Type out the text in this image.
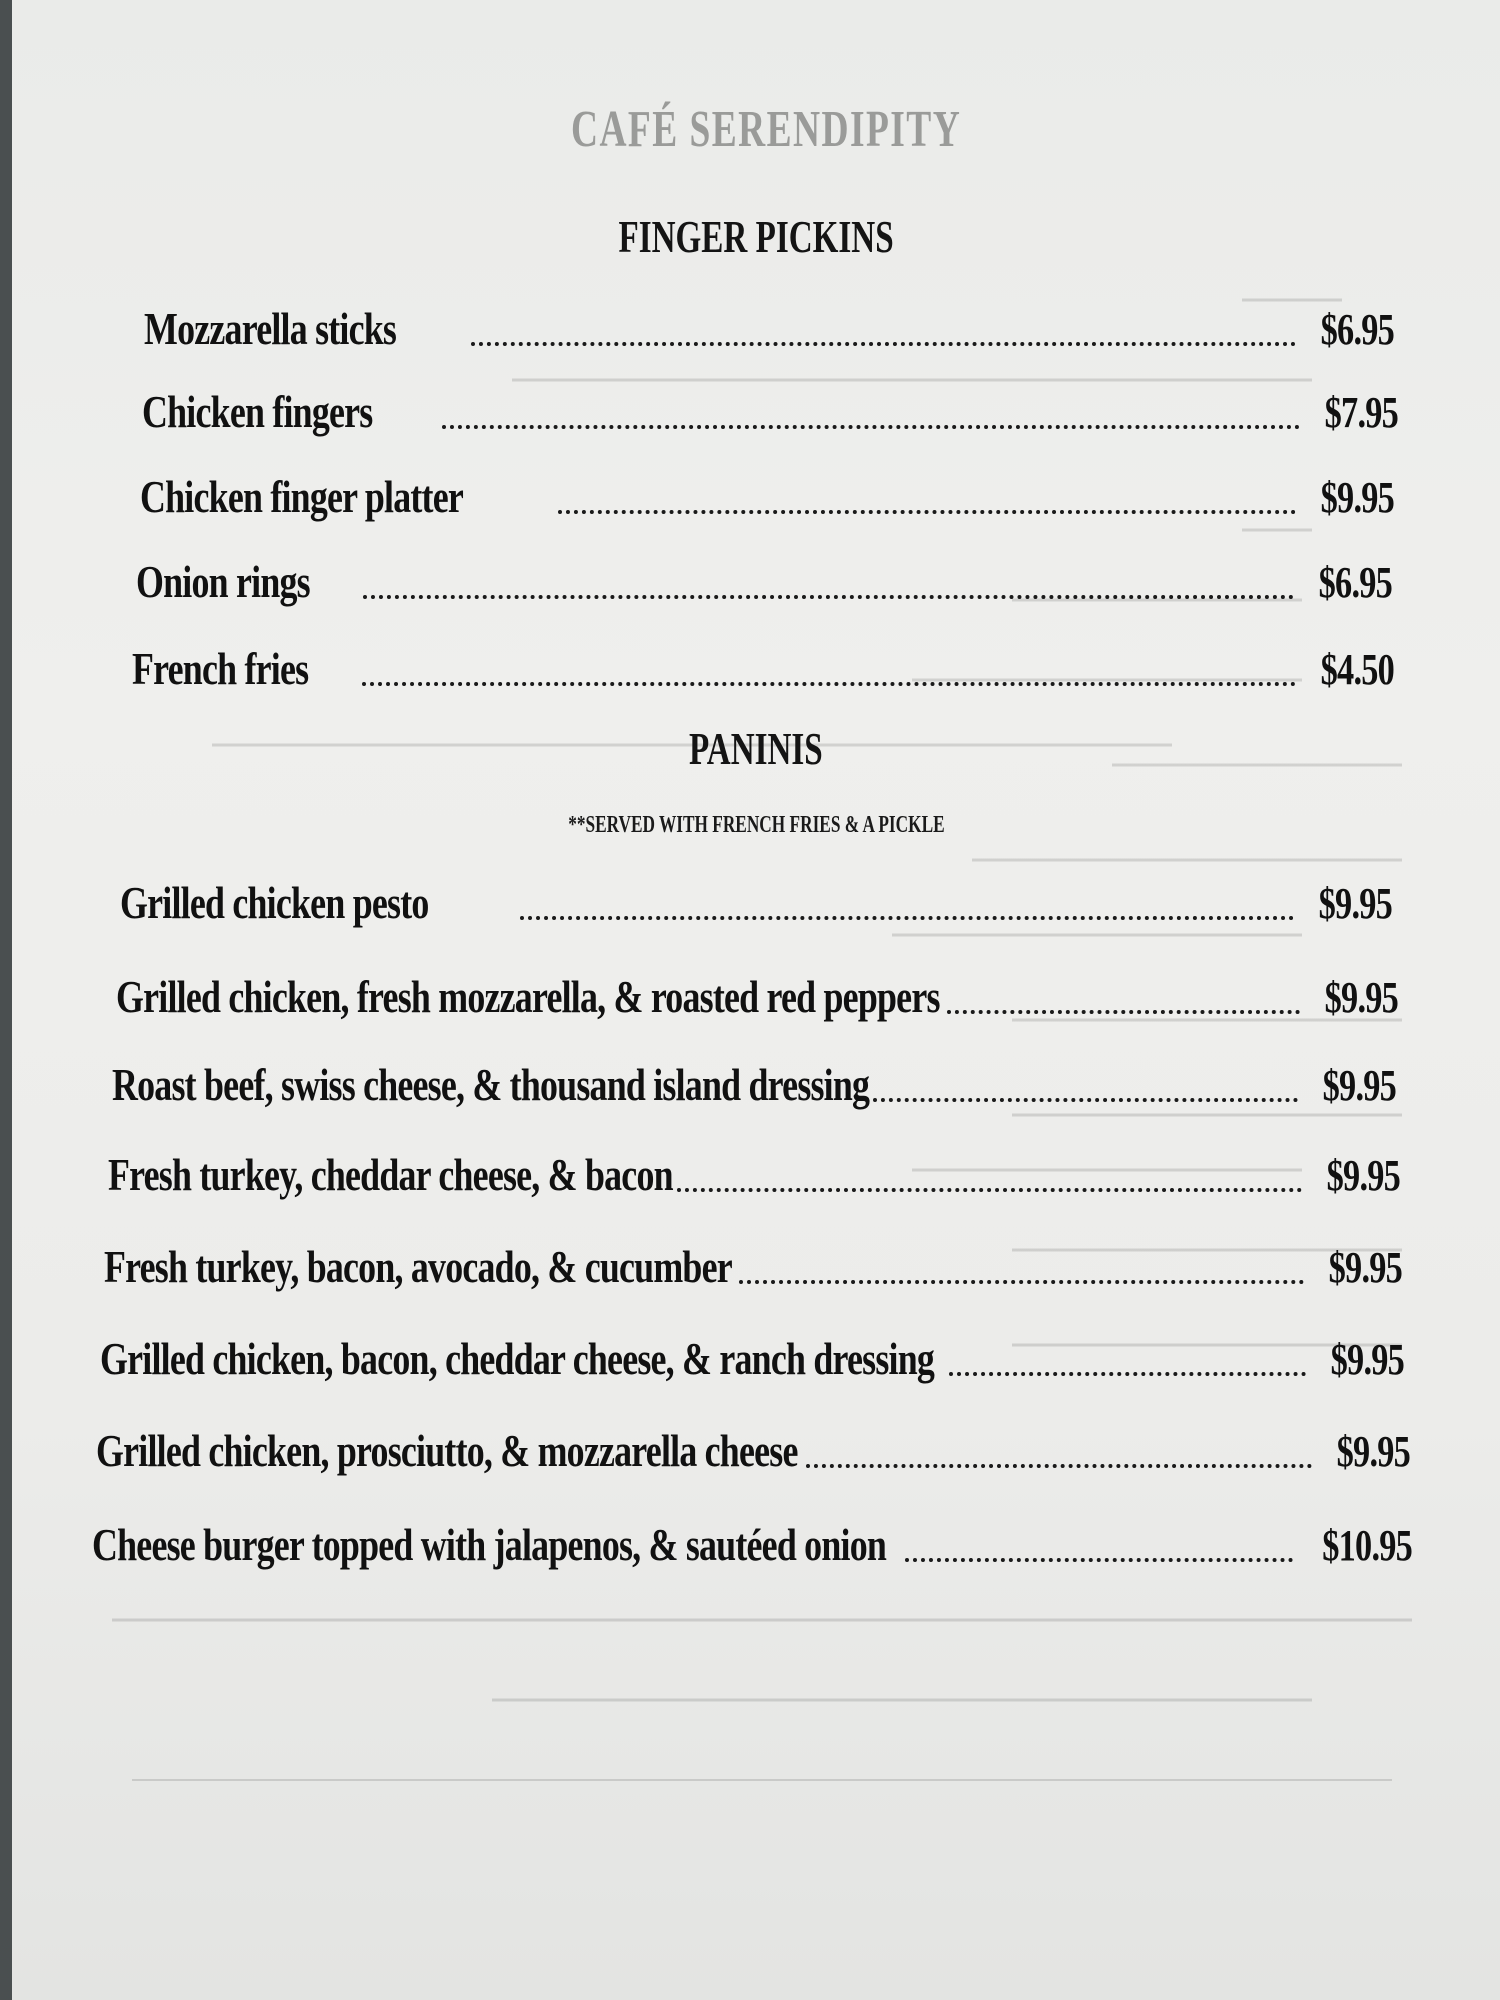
CAFÉ SERENDIPITY
FINGER PICKINS
Mozzarella sticks	$6.95
Chicken fingers	$7.95
Chicken finger platter	$9.95
Onion rings	$6.95
French fries	$4.50
PANINIS
**SERVED WITH FRENCH FRIES & A PICKLE
Grilled chicken pesto	$9.95
Grilled chicken, fresh mozzarella, & roasted red peppers	$9.95
Roast beef, swiss cheese, & thousand island dressing	$9.95
Fresh turkey, cheddar cheese, & bacon	$9.95
Fresh turkey, bacon, avocado, & cucumber	$9.95
Grilled chicken, bacon, cheddar cheese, & ranch dressing	$9.95
Grilled chicken, prosciutto, & mozzarella cheese	$9.95
Cheese burger topped with jalapenos, & sautéed onion	$10.95
